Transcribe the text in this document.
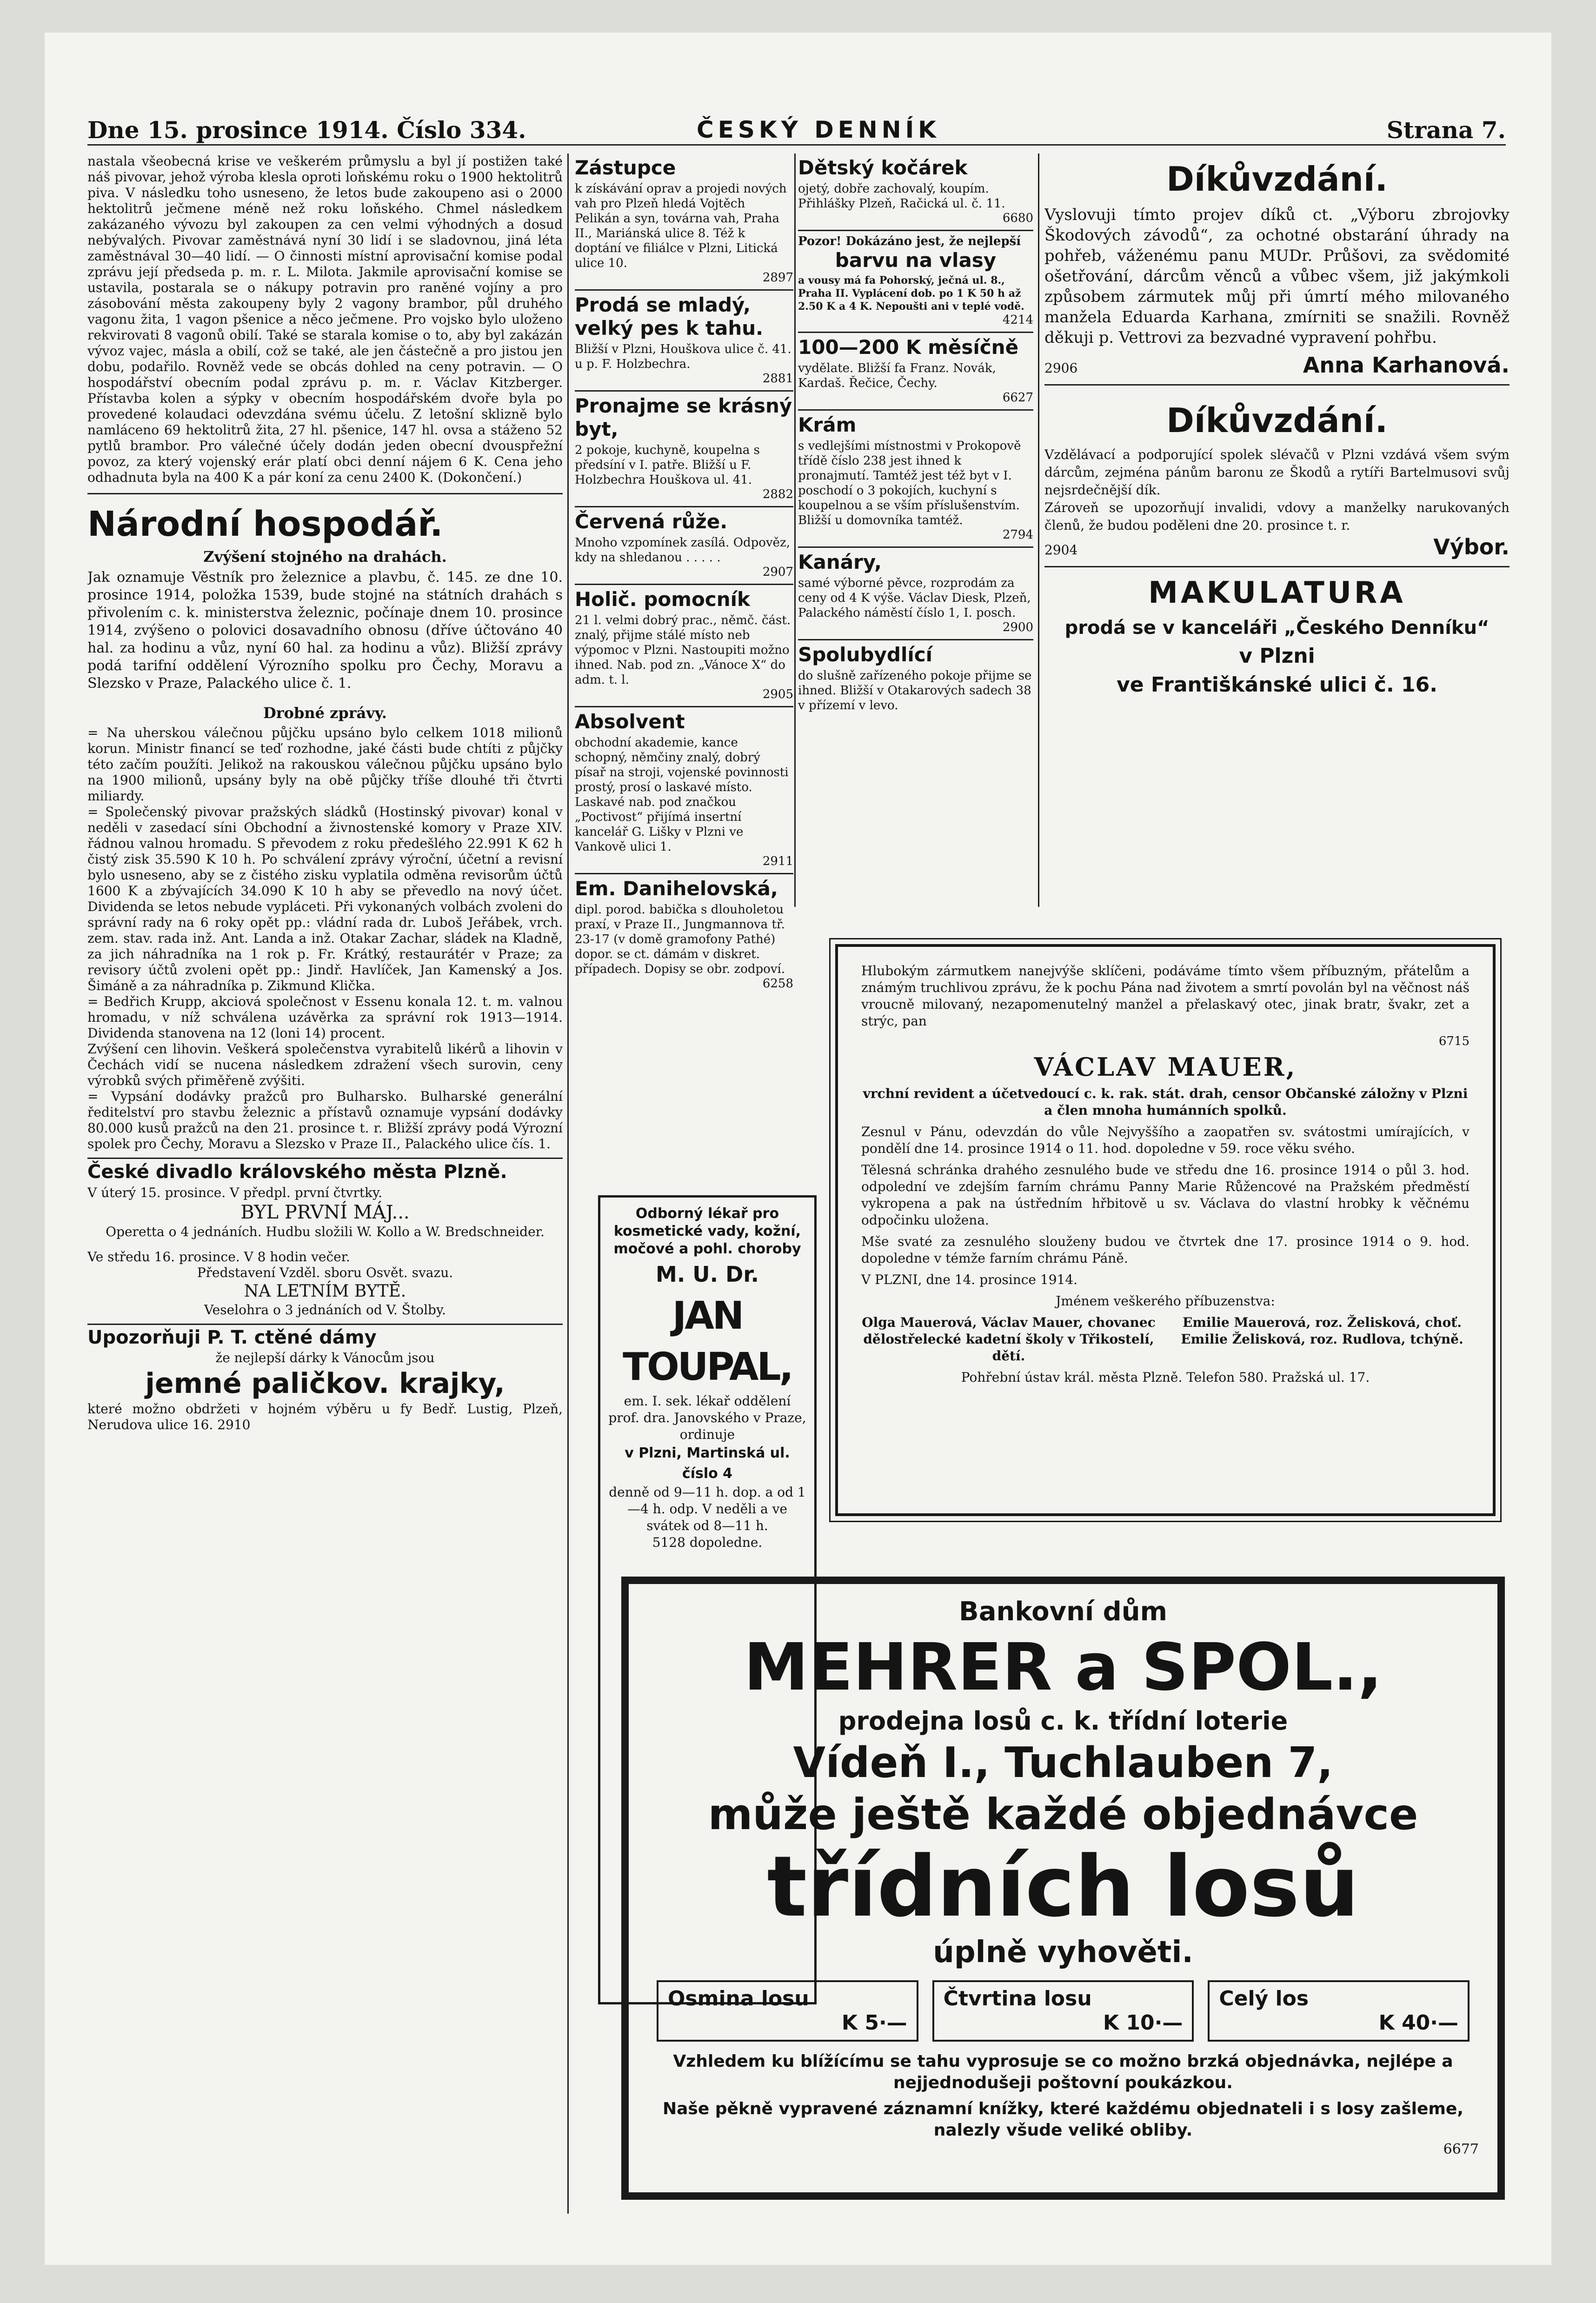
Dne 15. prosince 1914. Číslo 334.	ČESKÝ DENNÍK	Strana 7.

nastala všeobecná krise ve veškerém průmyslu a byl jí postižen také náš pivovar, jehož výroba klesla oproti loňskému roku o 1900 hektolitrů piva. V následku toho usneseno, že letos bude zakoupeno asi o 2000 hektolitrů ječmene méně než roku loňského. Chmel následkem zakázaného vývozu byl zakoupen za cen velmi výhodných a dosud nebývalých. Pivovar zaměstnává nyní 30 lidí i se sladovnou, jiná léta zaměstnával 30—40 lidí. — O činnosti místní aprovisační komise podal zprávu její předseda p. m. r. L. Milota. Jakmile aprovisační komise se ustavila, postarala se o nákupy potravin pro raněné vojíny a pro zásobování města zakoupeny byly 2 vagony brambor, půl druhého vagonu žita, 1 vagon pšenice a něco ječmene. Pro vojsko bylo uloženo rekvirovati 8 vagonů obilí. Také se starala komise o to, aby byl zakázán vývoz vajec, másla a obilí, což se také, ale jen částečně a pro jistou jen dobu, podařilo. Rovněž vede se obcás dohled na ceny potravin. — O hospodářství obecním podal zprávu p. m. r. Václav Kitzberger. Přístavba kolen a sýpky v obecním hospodářském dvoře byla po provedené kolaudaci odevzdána svému účelu. Z letošní sklizně bylo namláceno 69 hektolitrů žita, 27 hl. pšenice, 147 hl. ovsa a stáženo 52 pytlů brambor. Pro válečné účely dodán jeden obecní dvouspřežní povoz, za který vojenský erár platí obci denní nájem 6 K. Cena jeho odhadnuta byla na 400 K a pár koní za cenu 2400 K. (Dokončení.)

Národní hospodář.
Zvýšení stojného na drahách.

Jak oznamuje Věstník pro železnice a plavbu, č. 145. ze dne 10. prosince 1914, položka 1539, bude stojné na státních drahách s přivolením c. k. ministerstva železnic, počínaje dnem 10. prosince 1914, zvýšeno o polovici dosavadního obnosu (dříve účtováno 40 hal. za hodinu a vůz, nyní 60 hal. za hodinu a vůz). Bližší zprávy podá tarifní oddělení Výrozního spolku pro Čechy, Moravu a Slezsko v Praze, Palackého ulice č. 1.

Drobné zprávy.

= Na uherskou válečnou půjčku upsáno bylo celkem 1018 milionů korun. Ministr financí se teď rozhodne, jaké části bude chtíti z půjčky této začím použíti. Jelikož na rakouskou válečnou půjčku upsáno bylo na 1900 milionů, upsány byly na obě půjčky tříše dlouhé tři čtvrti miliardy.

= Společenský pivovar pražských sládků (Hostinský pivovar) konal v neděli v zasedací síni Obchodní a živnostenské komory v Praze XIV. řádnou valnou hromadu. S převodem z roku předešlého 22.991 K 62 h čistý zisk 35.590 K 10 h. Po schválení zprávy výroční, účetní a revisní bylo usneseno, aby se z čistého zisku vyplatila odměna revisorům účtů 1600 K a zbývajících 34.090 K 10 h aby se převedlo na nový účet. Dividenda se letos nebude vypláceti. Při vykonaných volbách zvoleni do správní rady na 6 roky opět pp.: vládní rada dr. Luboš Jeřábek, vrch. zem. stav. rada inž. Ant. Landa a inž. Otakar Zachar, sládek na Kladně, za jich náhradníka na 1 rok p. Fr. Krátký, restaurátér v Praze; za revisory účtů zvoleni opět pp.: Jindř. Havlíček, Jan Kamenský a Jos. Šimáně a za náhradníka p. Zikmund Klička.

= Bedřich Krupp, akciová společnost v Essenu konala 12. t. m. valnou hromadu, v níž schválena uzávěrka za správní rok 1913—1914. Dividenda stanovena na 12 (loni 14) procent.

Zvýšení cen lihovin. Veškerá společenstva vyrabitelů likérů a lihovin v Čechách vidí se nucena následkem zdražení všech surovin, ceny výrobků svých přiměřeně zvýšiti.

= Vypsání dodávky pražců pro Bulharsko. Bulharské generální ředitelství pro stavbu železnic a přístavů oznamuje vypsání dodávky 80.000 kusů pražců na den 21. prosince t. r. Bližší zprávy podá Výrozní spolek pro Čechy, Moravu a Slezsko v Praze II., Palackého ulice čís. 1.

České divadlo královského města Plzně.

V úterý 15. prosince. V předpl. první čtvrtky.

BYL PRVNÍ MÁJ...

Operetta o 4 jednáních. Hudbu složili W. Kollo a W. Bredschneider.

Ve středu 16. prosince. V 8 hodin večer.

Představení Vzděl. sboru Osvět. svazu.

NA LETNÍM BYTĚ.

Veselohra o 3 jednáních od V. Štolby.

Upozorňuji P. T. ctěné dámy

že nejlepší dárky k Vánocům jsou

jemné paličkov. krajky,

které možno obdržeti v hojném výběru u fy Bedř. Lustig, Plzeň, Nerudova ulice 16. 2910

Zástupce

k získávání oprav a projedi nových vah pro Plzeň hledá Vojtěch Pelikán a syn, továrna vah, Praha II., Mariánská ulice 8. Též k doptání ve filiálce v Plzni, Litická ulice 10.

2897
Prodá se mladý, velký pes k tahu.

Bližší v Plzni, Houškova ulice č. 41. u p. F. Holzbechra.

2881
Pronajme se krásný byt,

2 pokoje, kuchyně, koupelna s předsíní v I. patře. Bližší u F. Holzbechra Houškova ul. 41.

2882
Červená růže.

Mnoho vzpomínek zasílá. Odpověz, kdy na shledanou . . . . .

2907
Holič. pomocník

21 l. velmi dobrý prac., němč. část. znalý, přijme stálé místo neb výpomoc v Plzni. Nastoupiti možno ihned. Nab. pod zn. „Vánoce X“ do adm. t. l.

2905
Absolvent

obchodní akademie, kance schopný, němčiny znalý, dobrý písař na stroji, vojenské povinnosti prostý, prosí o laskavé místo. Laskavé nab. pod značkou „Poctivost“ přijímá insertní kancelář G. Lišky v Plzni ve Vankově ulici 1.

2911
Em. Danihelovská,

dipl. porod. babička s dlouholetou praxí, v Praze II., Jungmannova tř. 23-17 (v domě gramofony Pathé) dopor. se ct. dámám v diskret. případech. Dopisy se obr. zodpoví.

6258

Odborný lékař pro kosmetické vady, kožní, močové a pohl. choroby

M. U. Dr.

JAN TOUPAL,

em. I. sek. lékař oddělení prof. dra. Janovského v Praze, ordinuje

v Plzni, Martinská ul. číslo 4

denně od 9—11 h. dop. a od 1—4 h. odp. V neděli a ve svátek od 8—11 h.

5128 dopoledne.

Dětský kočárek

ojetý, dobře zachovalý, koupím. Přihlášky Plzeň, Račická ul. č. 11.

6680

Pozor! Dokázáno jest, že nejlepší

barvu na vlasy

a vousy má fa Pohorský, ječná ul. 8., Praha II. Vyplácení dob. po 1 K 50 h až 2.50 K a 4 K. Nepoušti ani v teplé vodě.

4214
100—200 K měsíčně

vydělate. Bližší fa Franz. Novák, Kardaš. Řečice, Čechy.

6627
Krám

s vedlejšími místnostmi v Prokopově třídě číslo 238 jest ihned k pronajmutí. Tamtéž jest též byt v I. poschodí o 3 pokojích, kuchyní s koupelnou a se vším příslušenstvím. Bližší u domovníka tamtéž.

2794
Kanáry,

samé výborné pěvce, rozprodám za ceny od 4 K výše. Václav Diesk, Plzeň, Palackého náměstí číslo 1, I. posch.

2900
Spolubydlící

do slušně zařízeného pokoje přijme se ihned. Bližší v Otakarových sadech 38 v přízemí v levo.

Díkůvzdání.

Vyslovuji tímto projev díků ct. „Výboru zbrojovky Škodových závodů“, za ochotné obstarání úhrady na pohřeb, váženému panu MUDr. Průšovi, za svědomité ošetřování, dárcům věnců a vůbec všem, již jakýmkoli způsobem zármutek můj při úmrtí mého milovaného manžela Eduarda Karhana, zmírniti se snažili. Rovněž děkuji p. Vettrovi za bezvadné vypravení pohřbu.

2906	Anna Karhanová.
Díkůvzdání.

Vzdělávací a podporující spolek slévačů v Plzni vzdává všem svým dárcům, zejména pánům baronu ze Škodů a rytíři Bartelmusovi svůj nejsrdečnější dík.

Zároveň se upozorňují invalidi, vdovy a manželky narukovaných členů, že budou poděleni dne 20. prosince t. r.

2904	Výbor.
MAKULATURA
prodá se v kanceláři „Českého Denníku“
v Plzni
ve Františkánské ulici č. 16.

Hlubokým zármutkem nanejvýše sklíčeni, podáváme tímto všem příbuzným, přátelům a známým truchlivou zprávu, že k pochu Pána nad životem a smrtí povolán byl na věčnost náš vroucně milovaný, nezapomenutelný manžel a přelaskavý otec, jinak bratr, švakr, zet a strýc, pan

6715
VÁCLAV MAUER,

vrchní revident a účetvedoucí c. k. rak. stát. drah, censor Občanské záložny v Plzni a člen mnoha humánních spolků.

Zesnul v Pánu, odevzdán do vůle Nejvyššího a zaopatřen sv. svátostmi umírajících, v pondělí dne 14. prosince 1914 o 11. hod. dopoledne v 59. roce věku svého.

Tělesná schránka drahého zesnulého bude ve středu dne 16. prosince 1914 o půl 3. hod. odpolední ve zdejším farním chrámu Panny Marie Růžencové na Pražském předměstí vykropena a pak na ústředním hřbitově u sv. Václava do vlastní hrobky k věčnému odpočinku uložena.

Mše svaté za zesnulého slouženy budou ve čtvrtek dne 17. prosince 1914 o 9. hod. dopoledne v témže farním chrámu Páně.

V PLZNI, dne 14. prosince 1914.

Jménem veškerého příbuzenstva:

Olga Mauerová, Václav Mauer, chovanec dělostřelecké kadetní školy v Třikostelí, dětí.

Emilie Mauerová, roz. Želisková, choť. Emilie Želisková, roz. Rudlova, tchýně.

Pohřební ústav král. města Plzně. Telefon 580. Pražská ul. 17.

Bankovní dům

MEHRER a SPOL.,

prodejna losů c. k. třídní loterie

Vídeň I., Tuchlauben 7,

může ještě každé objednávce

třídních losů

úplně vyhověti.

Osmina losu
K 5·—
Čtvrtina losu
K 10·—
Celý los
K 40·—

Vzhledem ku blížícímu se tahu vyprosuje se co možno brzká objednávka, nejlépe a nejjednodušeji poštovní poukázkou.

Naše pěkně vypravené záznamní knížky, které každému objednateli i s losy zašleme, nalezly všude veliké obliby.

6677
